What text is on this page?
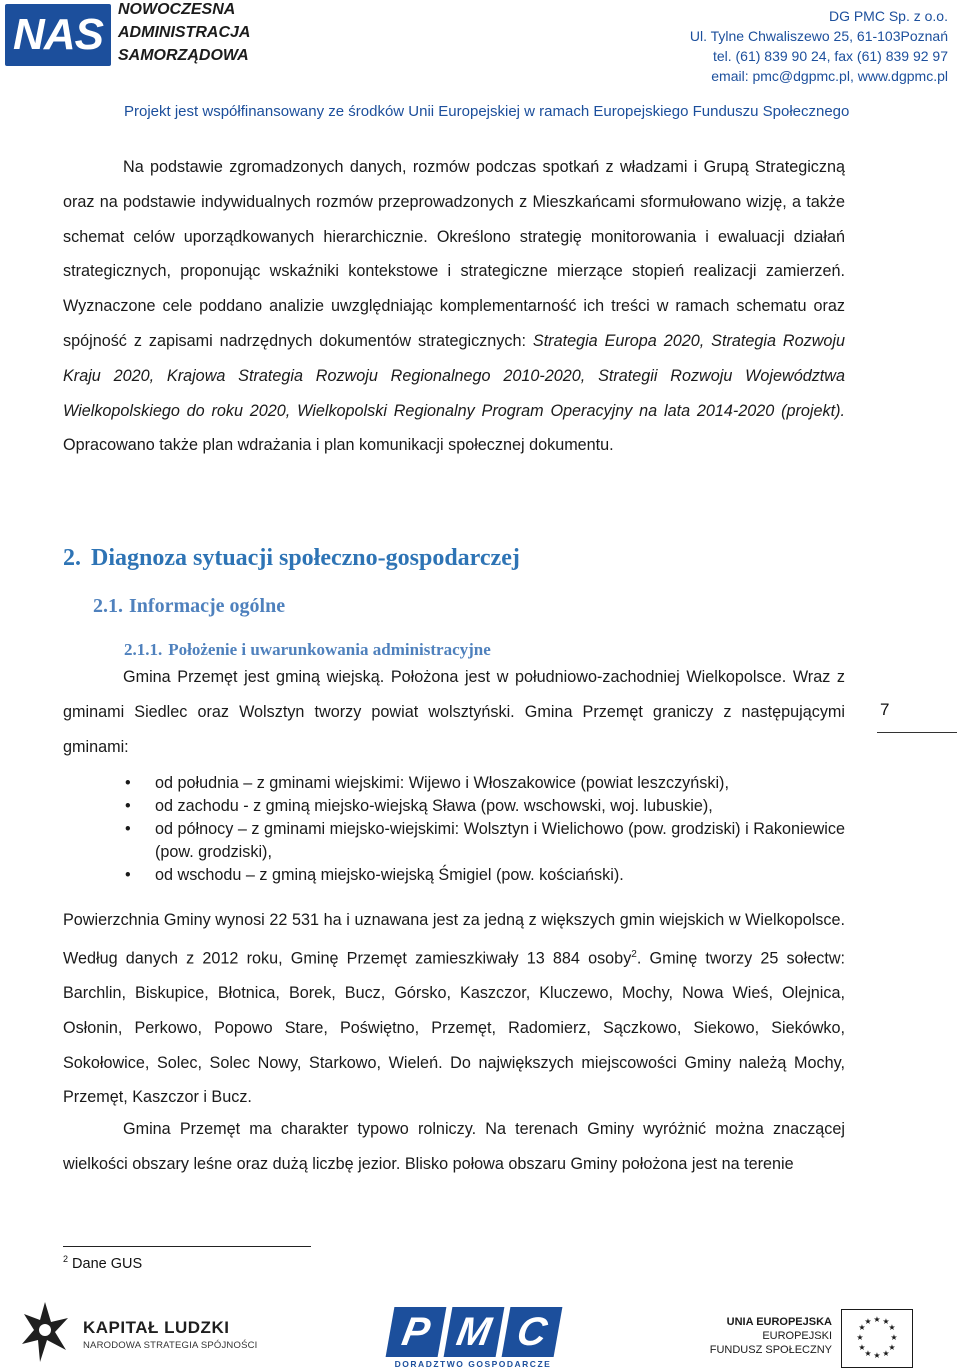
NAS
NOWOCZESNA
ADMINISTRACJA
SAMORZĄDOWA
DG PMC Sp. z o.o.
Ul. Tylne Chwaliszewo 25, 61-103Poznań
tel. (61) 839 90 24, fax (61) 839 92 97
email: pmc@dgpmc.pl, www.dgpmc.pl
Projekt jest współfinansowany ze środków Unii Europejskiej w ramach Europejskiego Funduszu Społecznego
Na podstawie zgromadzonych danych, rozmów podczas spotkań z władzami i Grupą Strategiczną oraz na podstawie indywidualnych rozmów przeprowadzonych z Mieszkańcami sformułowano wizję, a także schemat celów uporządkowanych hierarchicznie. Określono strategię monitorowania i ewaluacji działań strategicznych, proponując wskaźniki kontekstowe i strategiczne mierzące stopień realizacji zamierzeń. Wyznaczone cele poddano analizie uwzględniając komplementarność ich treści w ramach schematu oraz spójność z zapisami nadrzędnych dokumentów strategicznych: Strategia Europa 2020, Strategia Rozwoju Kraju 2020, Krajowa Strategia Rozwoju Regionalnego 2010-2020, Strategii Rozwoju Województwa Wielkopolskiego do roku 2020, Wielkopolski Regionalny Program Operacyjny na lata 2014-2020 (projekt). Opracowano także plan wdrażania i plan komunikacji społecznej dokumentu.
2. Diagnoza sytuacji społeczno-gospodarczej
2.1. Informacje ogólne
2.1.1. Położenie i uwarunkowania administracyjne
Gmina Przemęt jest gminą wiejską. Położona jest w południowo-zachodniej Wielkopolsce. Wraz z gminami Siedlec oraz Wolsztyn tworzy powiat wolsztyński. Gmina Przemęt graniczy z następującymi gminami:
7
• od południa – z gminami wiejskimi: Wijewo i Włoszakowice (powiat leszczyński),
• od zachodu - z gminą miejsko-wiejską Sława (pow. wschowski, woj. lubuskie),
• od północy – z gminami miejsko-wiejskimi: Wolsztyn i Wielichowo (pow. grodziski) i Rakoniewice (pow. grodziski),
• od wschodu – z gminą miejsko-wiejską Śmigiel (pow. kościański).
Powierzchnia Gminy wynosi 22 531 ha i uznawana jest za jedną z większych gmin wiejskich w Wielkopolsce. Według danych z 2012 roku, Gminę Przemęt zamieszkiwały 13 884 osoby$^2$. Gminę tworzy 25 sołectw: Barchlin, Biskupice, Błotnica, Borek, Bucz, Górsko, Kaszczor, Kluczewo, Mochy, Nowa Wieś, Olejnica, Osłonin, Perkowo, Popowo Stare, Poświętno, Przemęt, Radomierz, Sączkowo, Siekowo, Siekówko, Sokołowice, Solec, Solec Nowy, Starkowo, Wieleń. Do największych miejscowości Gminy należą Mochy, Przemęt, Kaszczor i Bucz.
Gmina Przemęt ma charakter typowo rolniczy. Na terenach Gminy wyróżnić można znaczącej wielkości obszary leśne oraz dużą liczbę jezior. Blisko połowa obszaru Gminy położona jest na terenie
$^2$ Dane GUS
KAPITAŁ LUDZKI
NARODOWA STRATEGIA SPÓJNOŚCI	P M C
DORADZTWO GOSPODARCZE
UNIA EUROPEJSKA
EUROPEJSKI
FUNDUSZ SPOŁECZNY
★ ★
★
★
★
★
★
★
★
★
★
★
